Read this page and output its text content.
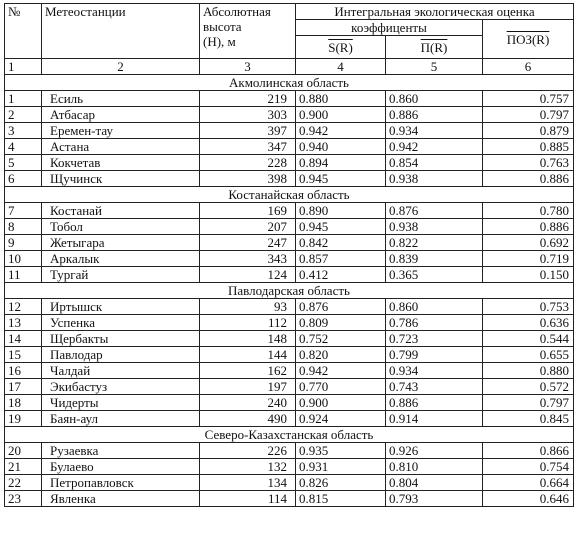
№	Метеостанции	Абсолютная
высота
(H), м	Интегральная экологическая оценка		
			коэффиценты		ПОЗ(R)
			S(R)	П(R)	
1	2	3	4	5	6
Акмолинская область					
1	Есиль	219	0.880	0.860	0.757
2	Атбасар	303	0.900	0.886	0.797
3	Еремен-тау	397	0.942	0.934	0.879
4	Астана	347	0.940	0.942	0.885
5	Кокчетав	228	0.894	0.854	0.763
6	Щучинск	398	0.945	0.938	0.886
Костанайская область					
7	Костанай	169	0.890	0.876	0.780
8	Тобол	207	0.945	0.938	0.886
9	Жетыгара	247	0.842	0.822	0.692
10	Аркалык	343	0.857	0.839	0.719
11	Тургай	124	0.412	0.365	0.150
Павлодарская область					
12	Иртышск	93	0.876	0.860	0.753
13	Успенка	112	0.809	0.786	0.636
14	Щербакты	148	0.752	0.723	0.544
15	Павлодар	144	0.820	0.799	0.655
16	Чалдай	162	0.942	0.934	0.880
17	Экибастуз	197	0.770	0.743	0.572
18	Чидерты	240	0.900	0.886	0.797
19	Баян-аул	490	0.924	0.914	0.845
Северо-Казахстанская область					
20	Рузаевка	226	0.935	0.926	0.866
21	Булаево	132	0.931	0.810	0.754
22	Петропавловск	134	0.826	0.804	0.664
23	Явленка	114	0.815	0.793	0.646
